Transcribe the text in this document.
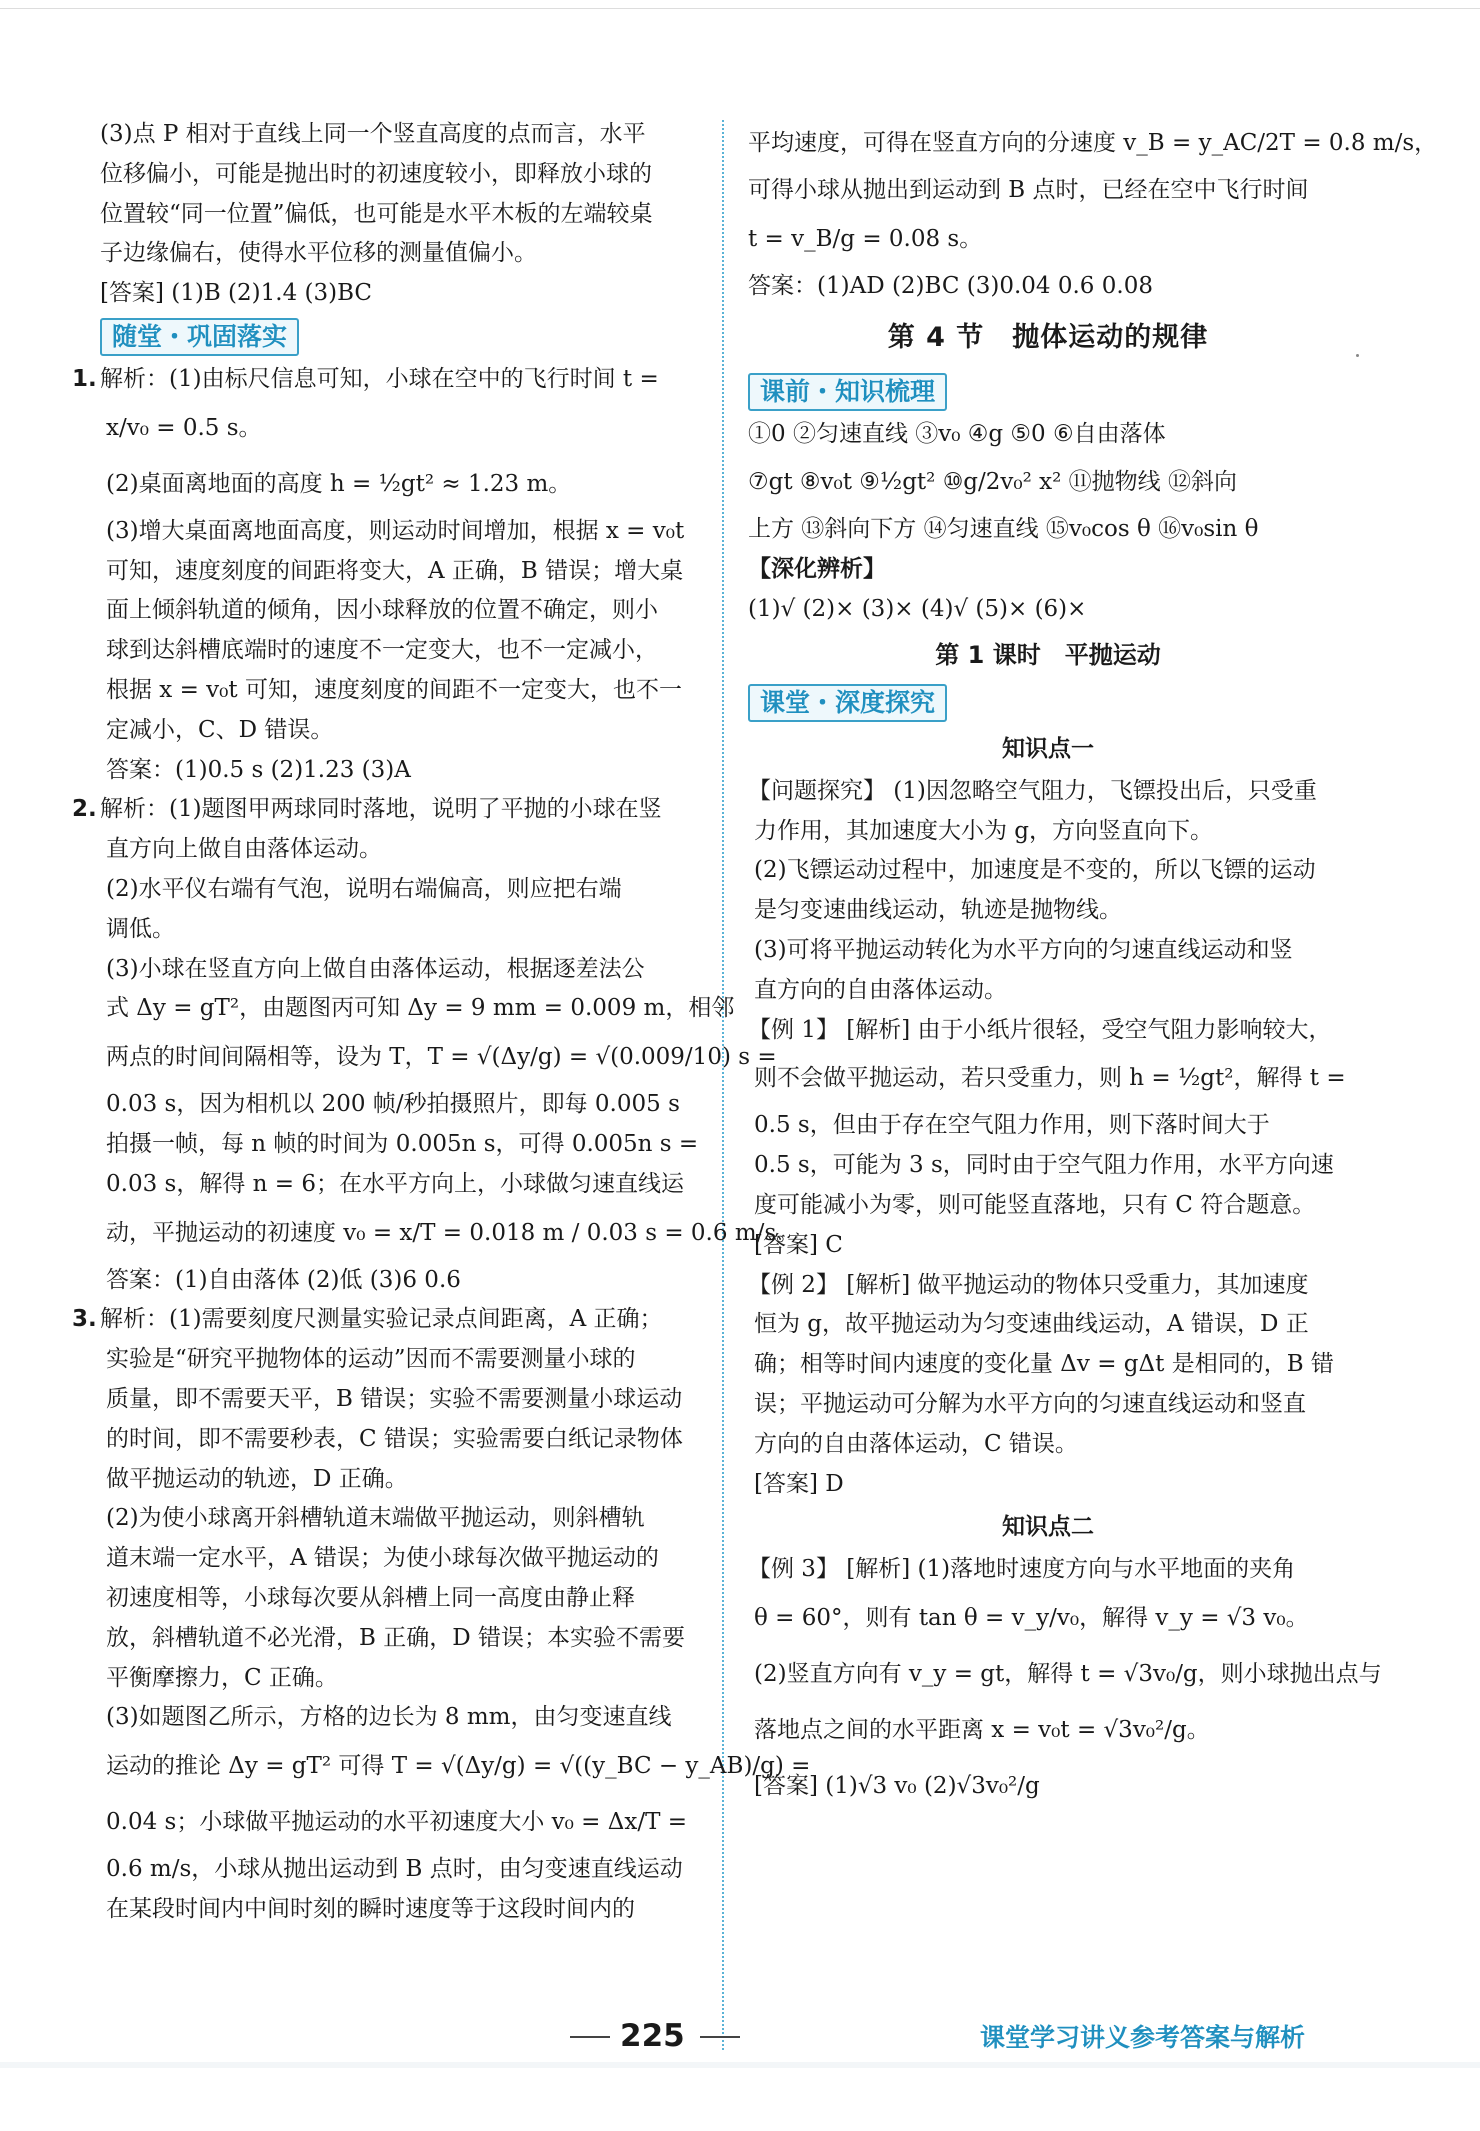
(3)点 P 相对于直线上同一个竖直高度的点而言，水平
位移偏小，可能是抛出时的初速度较小，即释放小球的
位置较“同一位置”偏低，也可能是水平木板的左端较桌
子边缘偏右，使得水平位移的测量值偏小。
[答案] (1)B (2)1.4 (3)BC
随堂・巩固落实
1. 解析：(1)由标尺信息可知，小球在空中的飞行时间 t =
x/v₀ = 0.5 s。
(2)桌面离地面的高度 h = ½gt² ≈ 1.23 m。
(3)增大桌面离地面高度，则运动时间增加，根据 x = v₀t
可知，速度刻度的间距将变大，A 正确，B 错误；增大桌
面上倾斜轨道的倾角，因小球释放的位置不确定，则小
球到达斜槽底端时的速度不一定变大，也不一定减小，
根据 x = v₀t 可知，速度刻度的间距不一定变大，也不一
定减小，C、D 错误。
答案：(1)0.5 s (2)1.23 (3)A
2. 解析：(1)题图甲两球同时落地，说明了平抛的小球在竖
直方向上做自由落体运动。
(2)水平仪右端有气泡，说明右端偏高，则应把右端
调低。
(3)小球在竖直方向上做自由落体运动，根据逐差法公
式 Δy = gT²，由题图丙可知 Δy = 9 mm = 0.009 m，相邻
两点的时间间隔相等，设为 T，T = √(Δy/g) = √(0.009/10) s =
0.03 s，因为相机以 200 帧/秒拍摄照片，即每 0.005 s
拍摄一帧，每 n 帧的时间为 0.005n s，可得 0.005n s =
0.03 s，解得 n = 6；在水平方向上，小球做匀速直线运
动，平抛运动的初速度 v₀ = x/T = 0.018 m / 0.03 s = 0.6 m/s。
答案：(1)自由落体 (2)低 (3)6 0.6
3. 解析：(1)需要刻度尺测量实验记录点间距离，A 正确；
实验是“研究平抛物体的运动”因而不需要测量小球的
质量，即不需要天平，B 错误；实验不需要测量小球运动
的时间，即不需要秒表，C 错误；实验需要白纸记录物体
做平抛运动的轨迹，D 正确。
(2)为使小球离开斜槽轨道末端做平抛运动，则斜槽轨
道末端一定水平，A 错误；为使小球每次做平抛运动的
初速度相等，小球每次要从斜槽上同一高度由静止释
放，斜槽轨道不必光滑，B 正确，D 错误；本实验不需要
平衡摩擦力，C 正确。
(3)如题图乙所示，方格的边长为 8 mm，由匀变速直线
运动的推论 Δy = gT² 可得 T = √(Δy/g) = √((y_BC − y_AB)/g) =
0.04 s；小球做平抛运动的水平初速度大小 v₀ = Δx/T =
0.6 m/s，小球从抛出运动到 B 点时，由匀变速直线运动
在某段时间内中间时刻的瞬时速度等于这段时间内的
平均速度，可得在竖直方向的分速度 v_B = y_AC/2T = 0.8 m/s，
可得小球从抛出到运动到 B 点时，已经在空中飞行时间
t = v_B/g = 0.08 s。
答案：(1)AD (2)BC (3)0.04 0.6 0.08
第 4 节　抛体运动的规律
课前・知识梳理
①0 ②匀速直线 ③v₀ ④g ⑤0 ⑥自由落体
⑦gt ⑧v₀t ⑨½gt² ⑩g/2v₀² x² ⑪抛物线 ⑫斜向
上方 ⑬斜向下方 ⑭匀速直线 ⑮v₀cos θ ⑯v₀sin θ
【深化辨析】
(1)√ (2)× (3)× (4)√ (5)× (6)×
第 1 课时　平抛运动
课堂・深度探究
知识点一
【问题探究】 (1)因忽略空气阻力，飞镖投出后，只受重
力作用，其加速度大小为 g，方向竖直向下。
(2)飞镖运动过程中，加速度是不变的，所以飞镖的运动
是匀变速曲线运动，轨迹是抛物线。
(3)可将平抛运动转化为水平方向的匀速直线运动和竖
直方向的自由落体运动。
【例 1】 [解析] 由于小纸片很轻，受空气阻力影响较大，
则不会做平抛运动，若只受重力，则 h = ½gt²，解得 t =
0.5 s，但由于存在空气阻力作用，则下落时间大于
0.5 s，可能为 3 s，同时由于空气阻力作用，水平方向速
度可能减小为零，则可能竖直落地，只有 C 符合题意。
[答案] C
【例 2】 [解析] 做平抛运动的物体只受重力，其加速度
恒为 g，故平抛运动为匀变速曲线运动，A 错误，D 正
确；相等时间内速度的变化量 Δv = gΔt 是相同的，B 错
误；平抛运动可分解为水平方向的匀速直线运动和竖直
方向的自由落体运动，C 错误。
[答案] D
知识点二
【例 3】 [解析] (1)落地时速度方向与水平地面的夹角
θ = 60°，则有 tan θ = v_y/v₀，解得 v_y = √3 v₀。
(2)竖直方向有 v_y = gt，解得 t = √3v₀/g，则小球抛出点与
落地点之间的水平距离 x = v₀t = √3v₀²/g。
[答案] (1)√3 v₀ (2)√3v₀²/g
225	课堂学习讲义参考答案与解析
